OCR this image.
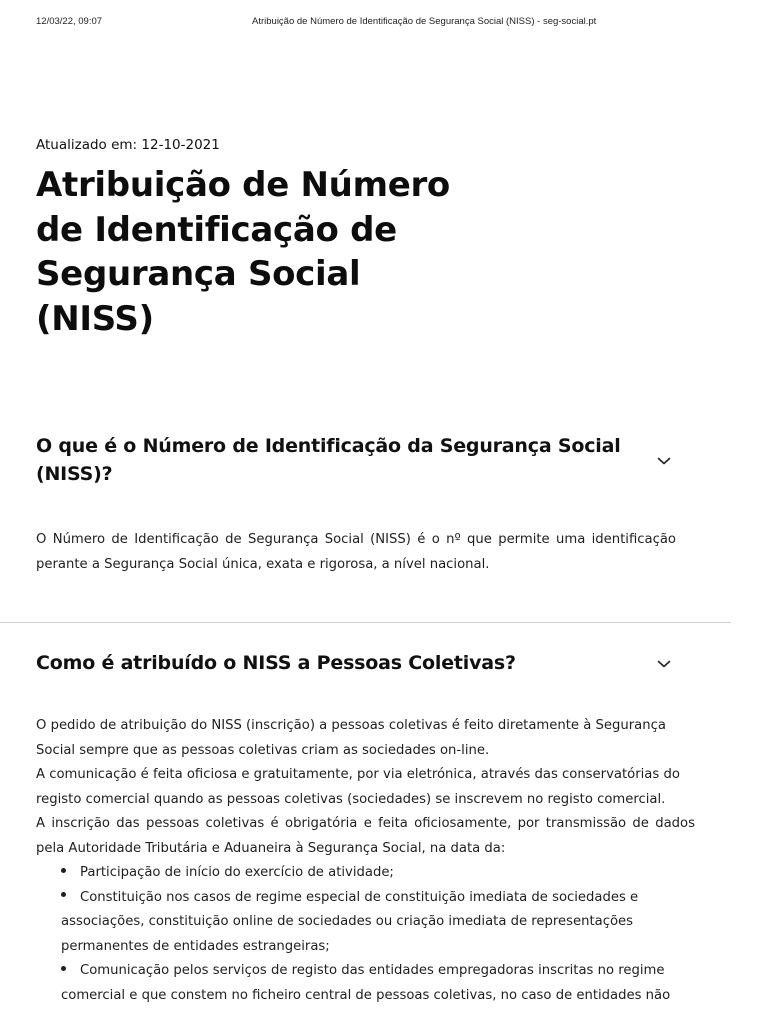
12/03/22, 09:07	Atribuição de Número de Identificação de Segurança Social (NISS) - seg-social.pt
Atualizado em: 12-10-2021
Atribuição de Número de Identificação de Segurança Social (NISS)
O que é o Número de Identificação da Segurança Social (NISS)?

O Número de Identificação de Segurança Social (NISS) é o nº que permite uma identificação perante a Segurança Social única, exata e rigorosa, a nível nacional.

Como é atribuído o NISS a Pessoas Coletivas?

O pedido de atribuição do NISS (inscrição) a pessoas coletivas é feito diretamente à Segurança Social sempre que as pessoas coletivas criam as sociedades on-line.

A comunicação é feita oficiosa e gratuitamente, por via eletrónica, através das conservatórias do registo comercial quando as pessoas coletivas (sociedades) se inscrevem no registo comercial.

A inscrição das pessoas coletivas é obrigatória e feita oficiosamente, por transmissão de dados pela Autoridade Tributária e Aduaneira à Segurança Social, na data da:

Participação de início do exercício de atividade;
Constituição nos casos de regime especial de constituição imediata de sociedades e associações, constituição online de sociedades ou criação imediata de representações permanentes de entidades estrangeiras;
Comunicação pelos serviços de registo das entidades empregadoras inscritas no regime comercial e que constem no ficheiro central de pessoas coletivas, no caso de entidades não
